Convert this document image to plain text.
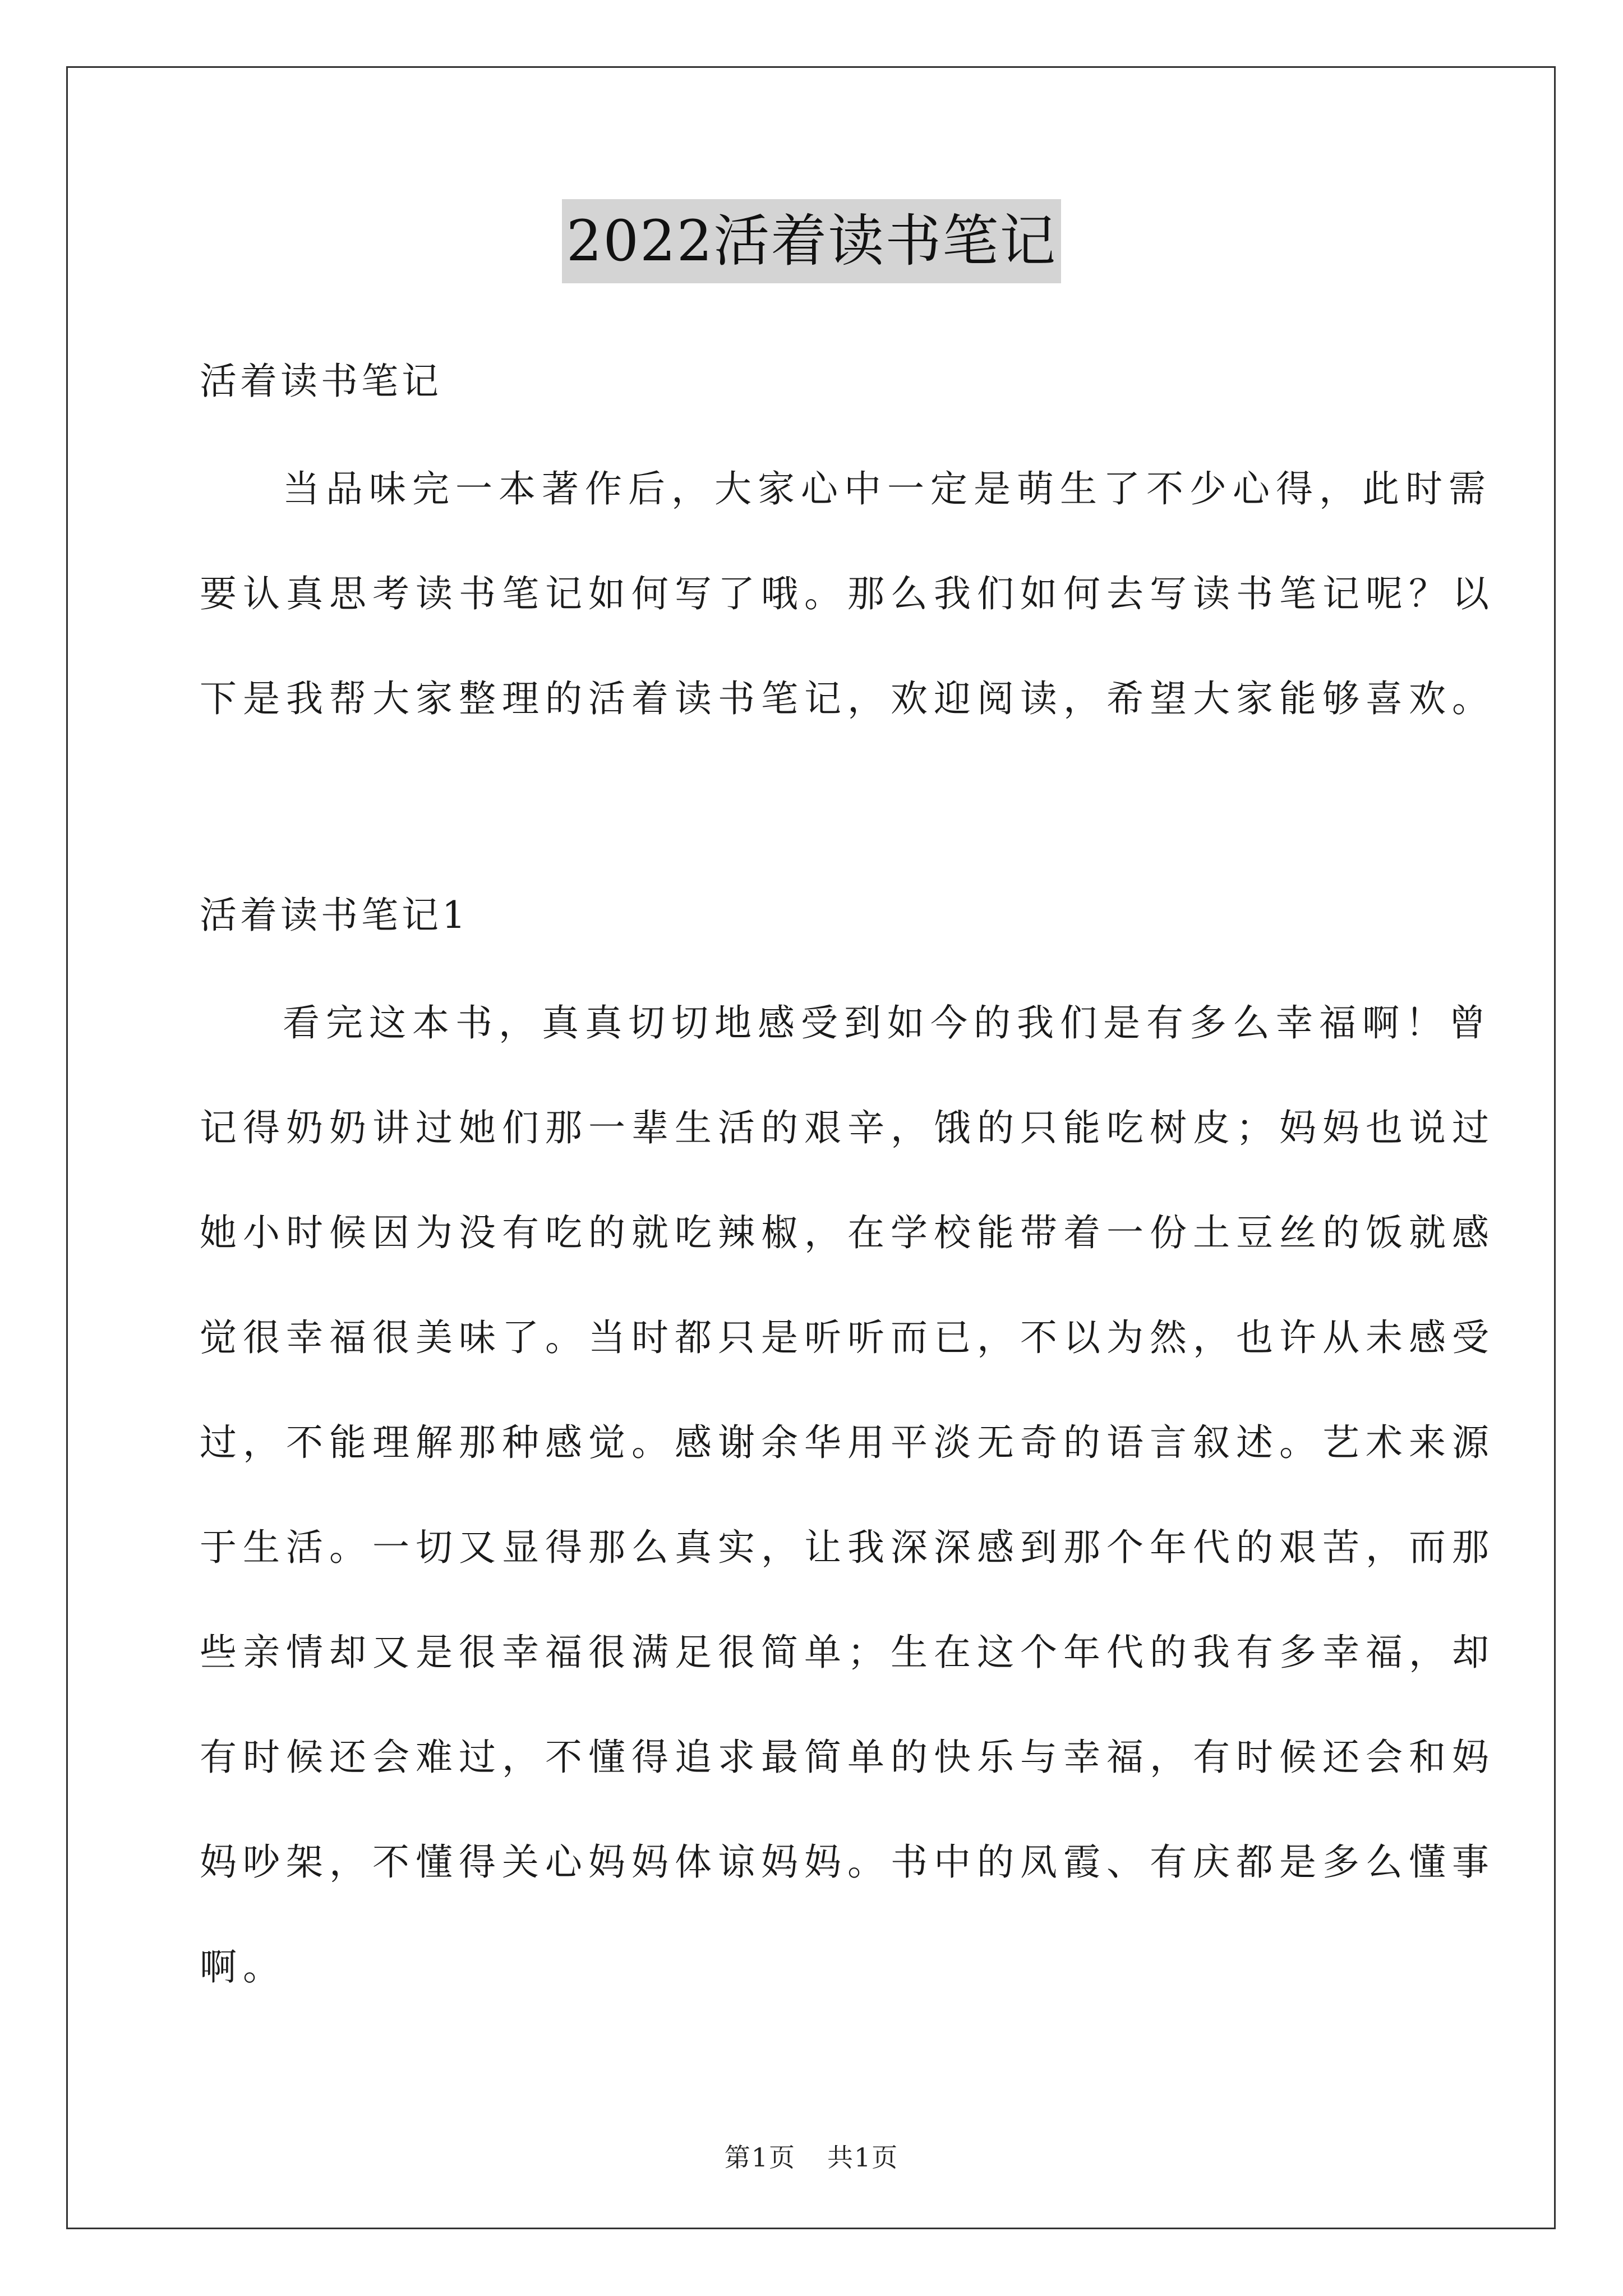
2022活着读书笔记
活着读书笔记
当品味完一本著作后，大家心中一定是萌生了不少心得，此时需
要认真思考读书笔记如何写了哦。那么我们如何去写读书笔记呢？以
下是我帮大家整理的活着读书笔记，欢迎阅读，希望大家能够喜欢。
活着读书笔记1
看完这本书，真真切切地感受到如今的我们是有多么幸福啊！曾
记得奶奶讲过她们那一辈生活的艰辛，饿的只能吃树皮；妈妈也说过
她小时候因为没有吃的就吃辣椒，在学校能带着一份土豆丝的饭就感
觉很幸福很美味了。当时都只是听听而已，不以为然，也许从未感受
过，不能理解那种感觉。感谢余华用平淡无奇的语言叙述。艺术来源
于生活。一切又显得那么真实，让我深深感到那个年代的艰苦，而那
些亲情却又是很幸福很满足很简单；生在这个年代的我有多幸福，却
有时候还会难过，不懂得追求最简单的快乐与幸福，有时候还会和妈
妈吵架，不懂得关心妈妈体谅妈妈。书中的凤霞、有庆都是多么懂事
啊。
第1页 共1页
